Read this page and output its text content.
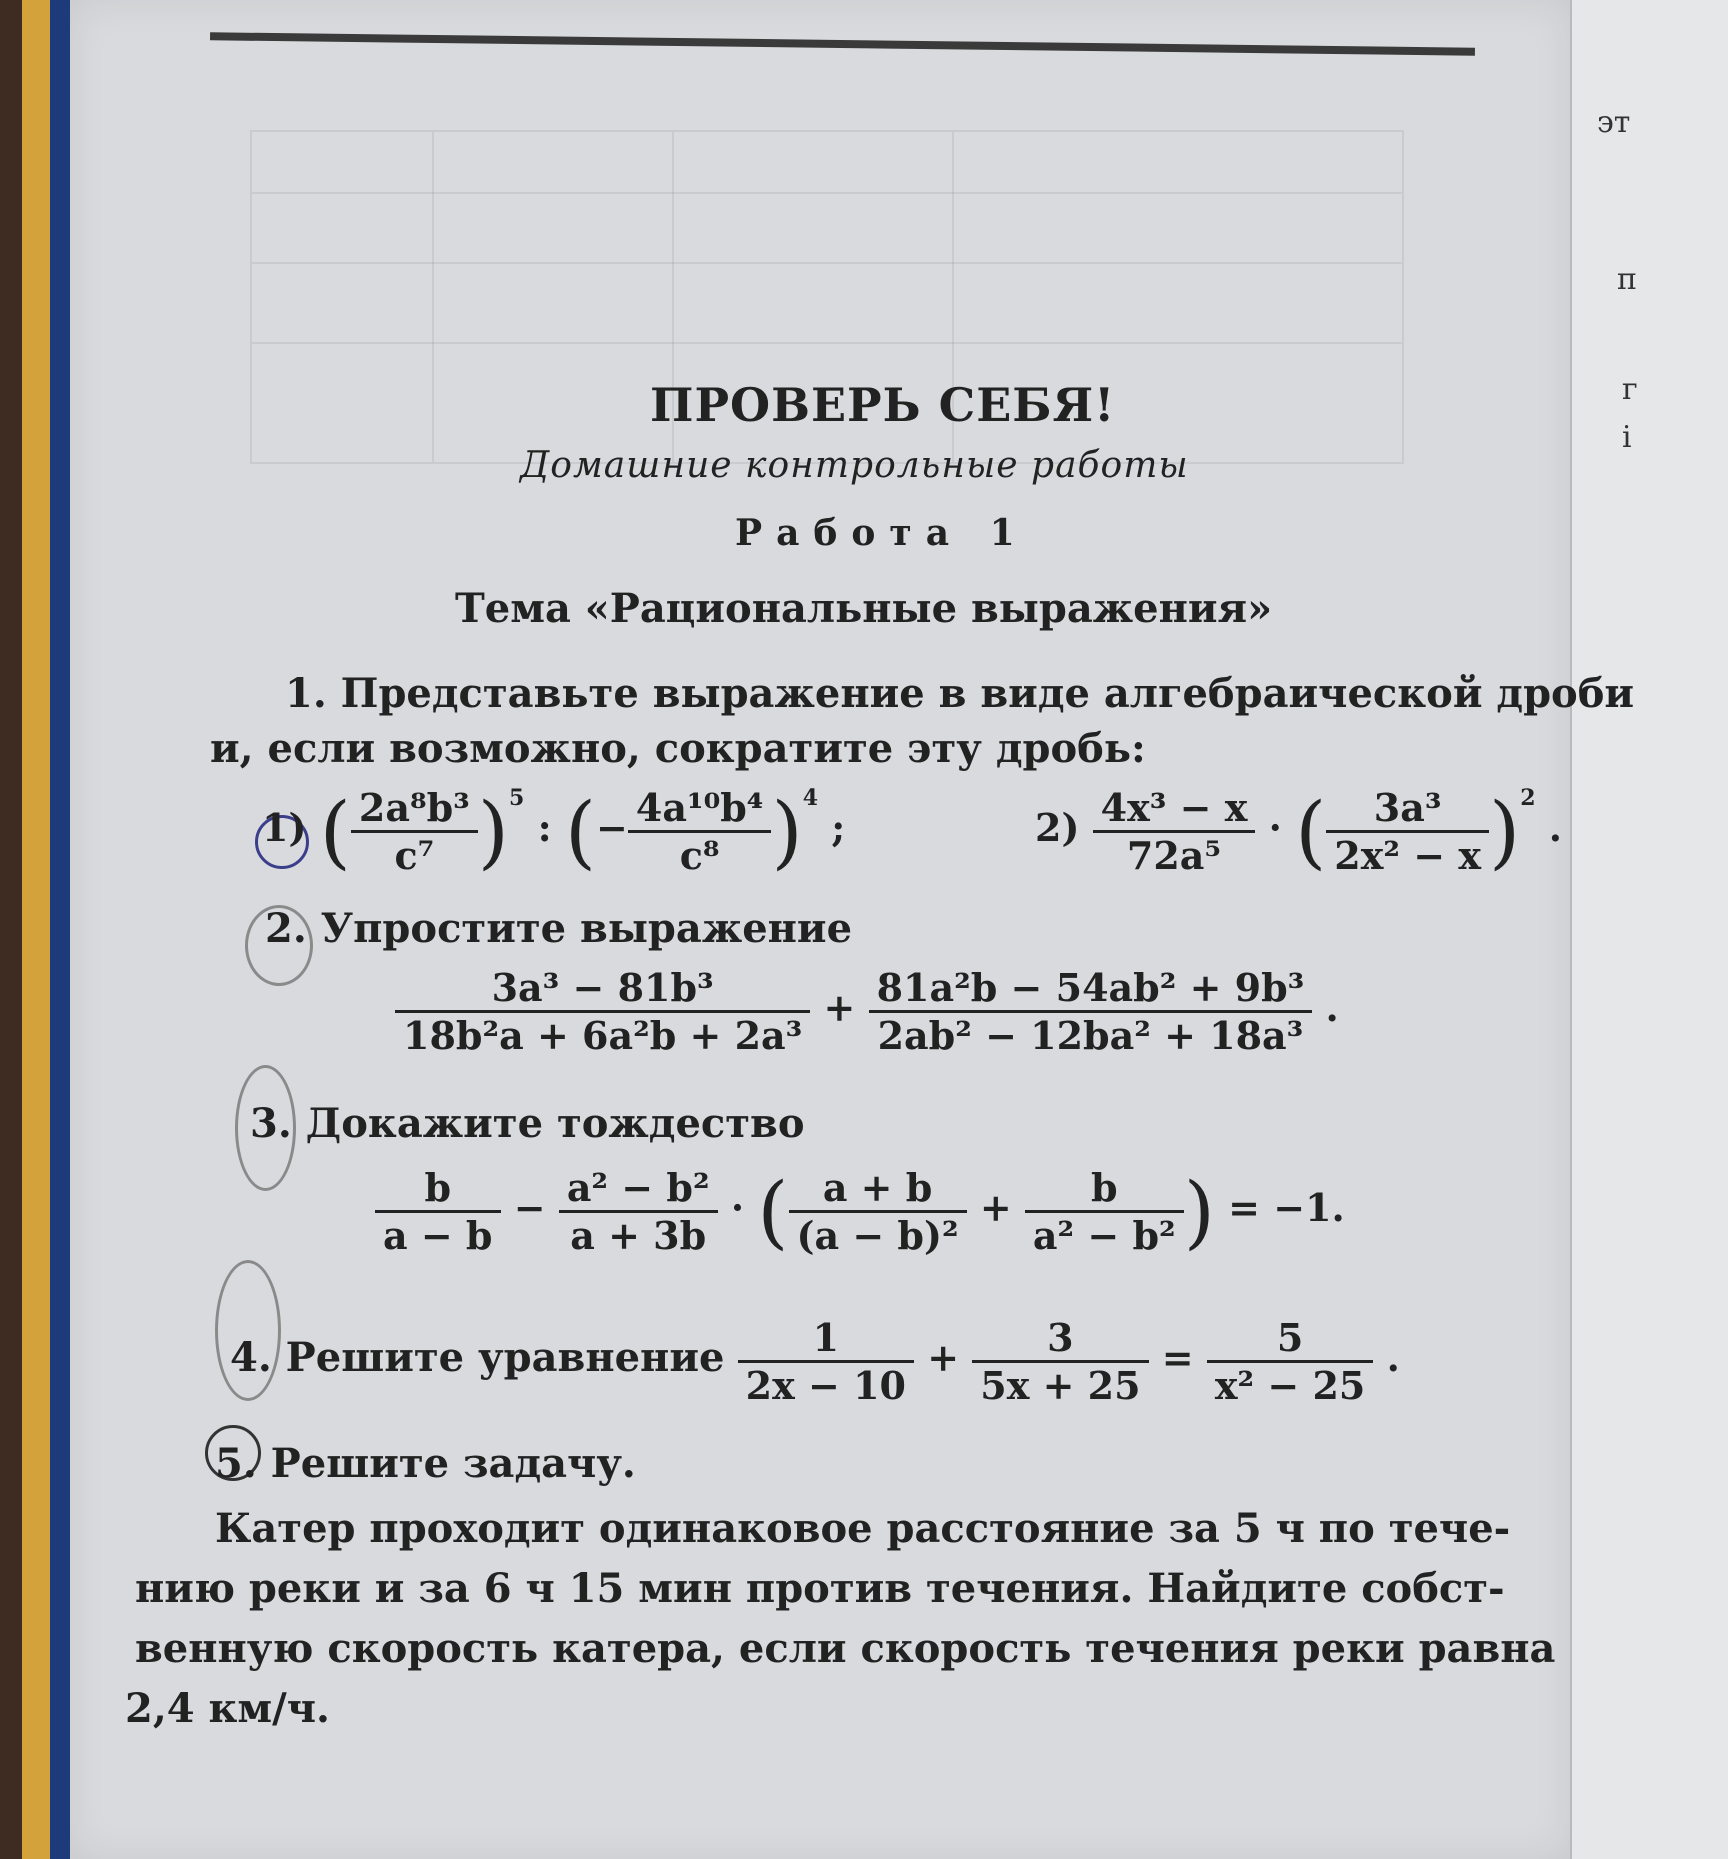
эт
п
г
і
ПРОВЕРЬ СЕБЯ!
Домашние контрольные работы
Работа 1
Тема «Рациональные выражения»
1. Представьте выражение в виде алгебраической дроби
и, если возможно, сократите эту дробь:
1) ( $\frac{\text{2a⁸b³}}{\text{c⁷}} )^5$ : (− $\frac{\text{4a¹⁰b⁴}}{\text{c⁸}} )^4$ ;	$2) \frac{\text{4x³ − x}}{\text{72a⁵}}$ · ( $\frac{\text{3a³}}{\text{2x² − x}} )^2$ .
2. Упростите выражение
$\frac{\text{3a³ − 81b³}}{\text{18b²a + 6a²b + 2a³}} + \frac{\text{81a²b − 54ab² + 9b³}}{\text{2ab² − 12ba² + 18a³}}$ .
3. Докажите тождество
$\frac{b}{a - b} - \frac{\text{a² − b²}}{a + 3b}$ · ( $\frac{a + b}{\text{(a − b)²}} + \frac{b}{\text{a² − b²}}$ ) = −1.
4. Решите уравнение $\frac{1}{2x - 10} + \frac{3}{5x + 25} = \frac{5}{\text{x² − 25}}$ .
5. Решите задачу.
Катер проходит одинаковое расстояние за 5 ч по тече-
нию реки и за 6 ч 15 мин против течения. Найдите собст-
венную скорость катера, если скорость течения реки равна
2,4 км/ч.
